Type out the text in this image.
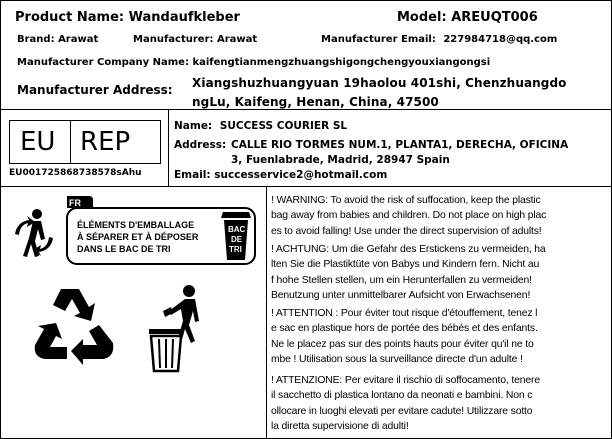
Product Name: Wandaufkleber	Model: AREUQT006
Brand: Arawat	Manufacturer: Arawat	Manufacturer Email: 227984718@qq.com
Manufacturer Company Name: kaifengtianmengzhuangshigongchengyouxiangongsi
Manufacturer Address: Xiangshuzhuangyuan 19haolou 401shi, Chenzhuangdo
ngLu, Kaifeng, Henan, China, 47500
EU REP
EU001725868738578sAhu
Name: SUCCESS COURIER SL
Address: CALLE RIO TORMES NUM.1, PLANTA1, DERECHA, OFICINA
3, Fuenlabrade, Madrid, 28947 Spain
Email: successervice2@hotmail.com
FR
ÉLÉMENTS D'EMBALLAGE
À SÉPARER ET À DÉPOSER
DANS LE BAC DE TRI
BAC
DE
TRI

! WARNING: To avoid the risk of suffocation, keep the plastic

bag away from babies and children. Do not place on high plac

es to avoid falling! Use under the direct supervision of adults!

! ACHTUNG: Um die Gefahr des Erstickens zu vermeiden, ha

lten Sie die Plastiktüte von Babys und Kindern fern. Nicht au

f hohe Stellen stellen, um ein Herunterfallen zu vermeiden!

Benutzung unter unmittelbarer Aufsicht von Erwachsenen!

! ATTENTION : Pour éviter tout risque d'étouffement, tenez l

e sac en plastique hors de portée des bébés et des enfants.

Ne le placez pas sur des points hauts pour éviter qu'il ne to

mbe ! Utilisation sous la surveillance directe d'un adulte !

! ATTENZIONE: Per evitare il rischio di soffocamento, tenere

il sacchetto di plastica lontano da neonati e bambini. Non c

ollocare in luoghi elevati per evitare cadute! Utilizzare sotto

la diretta supervisione di adulti!
